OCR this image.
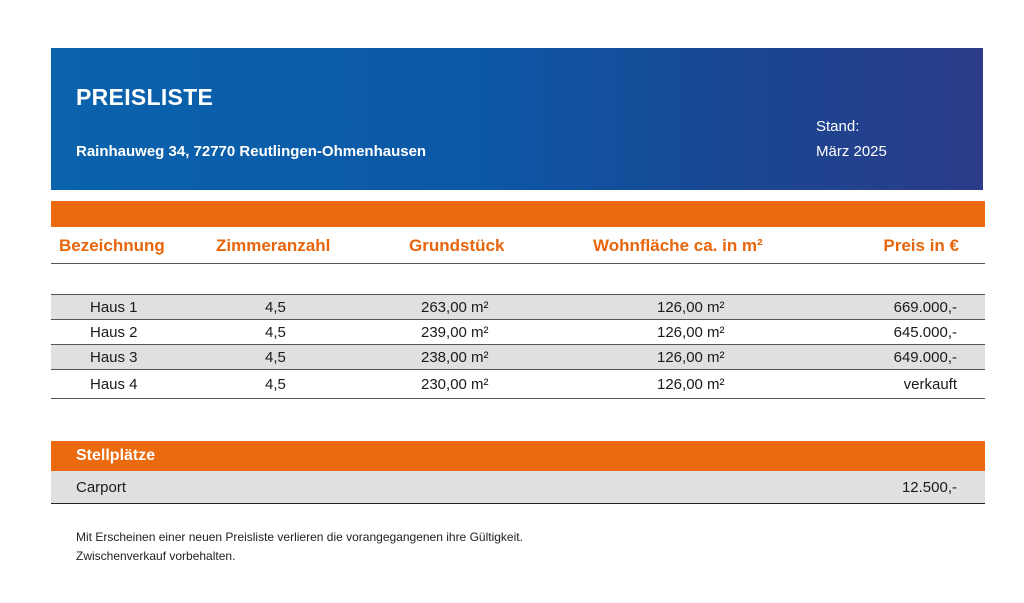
PREISLISTE
Rainhauweg 34, 72770 Reutlingen-Ohmenhausen
Stand:
März 2025
Bezeichnung	Zimmeranzahl	Grundstück	Wohnfläche ca. in m²	Preis in €
Haus 1	4,5	263,00 m²	126,00 m²	669.000,-
Haus 2	4,5	239,00 m²	126,00 m²	645.000,-
Haus 3	4,5	238,00 m²	126,00 m²	649.000,-
Haus 4	4,5	230,00 m²	126,00 m²	verkauft
Stellplätze
Carport	12.500,-
Mit Erscheinen einer neuen Preisliste verlieren die vorangegangenen ihre Gültigkeit.
Zwischenverkauf vorbehalten.
